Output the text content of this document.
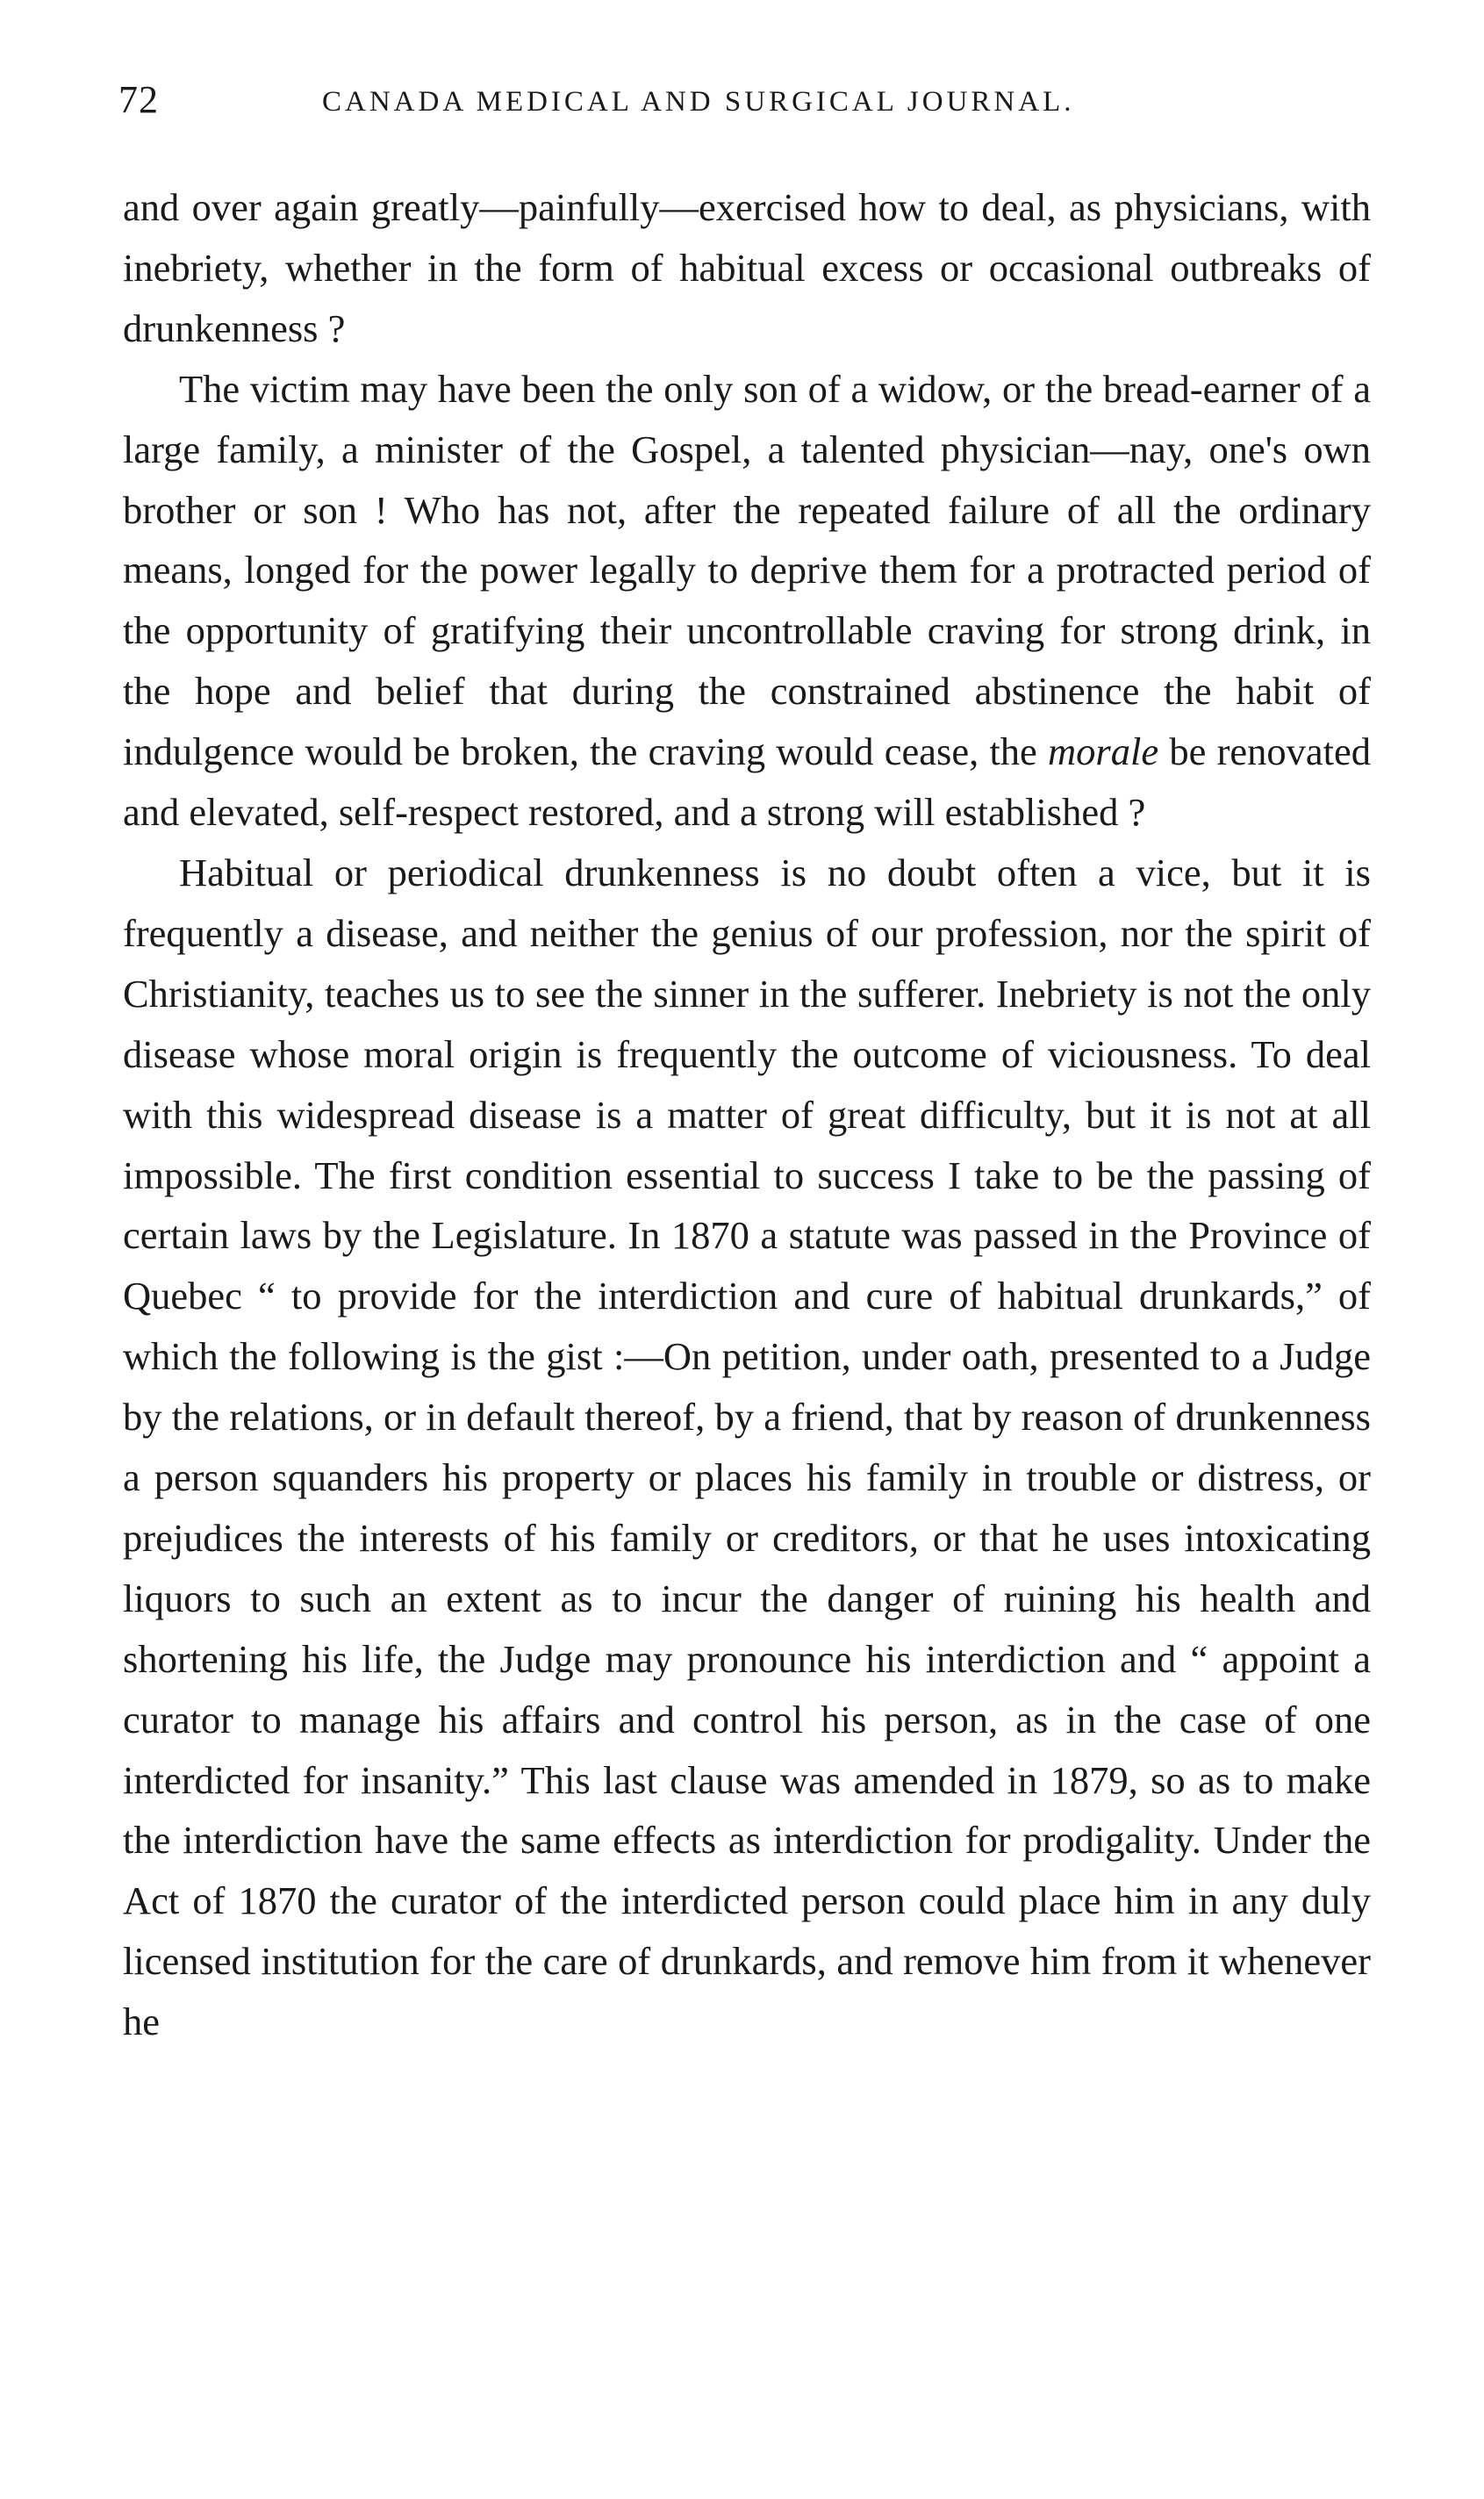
72	CANADA MEDICAL AND SURGICAL JOURNAL.

and over again greatly—painfully—exercised how to deal, as physicians, with inebriety, whether in the form of habitual excess or occasional outbreaks of drunkenness ?

The victim may have been the only son of a widow, or the bread-earner of a large family, a minister of the Gospel, a talented physician—nay, one's own brother or son ! Who has not, after the repeated failure of all the ordinary means, longed for the power legally to deprive them for a protracted period of the opportunity of gratifying their uncontrollable craving for strong drink, in the hope and belief that during the constrained abstinence the habit of indulgence would be broken, the craving would cease, the morale be renovated and elevated, self-respect restored, and a strong will established ?

Habitual or periodical drunkenness is no doubt often a vice, but it is frequently a disease, and neither the genius of our profession, nor the spirit of Christianity, teaches us to see the sinner in the sufferer. Inebriety is not the only disease whose moral origin is frequently the outcome of viciousness. To deal with this widespread disease is a matter of great difficulty, but it is not at all impossible. The first condition essential to success I take to be the passing of certain laws by the Legislature. In 1870 a statute was passed in the Province of Quebec “ to provide for the interdiction and cure of habitual drunkards,” of which the following is the gist :—On petition, under oath, presented to a Judge by the relations, or in default thereof, by a friend, that by reason of drunkenness a person squanders his property or places his family in trouble or distress, or prejudices the interests of his family or creditors, or that he uses intoxicating liquors to such an extent as to incur the danger of ruining his health and shortening his life, the Judge may pronounce his interdiction and “ appoint a curator to manage his affairs and control his person, as in the case of one interdicted for insanity.” This last clause was amended in 1879, so as to make the interdiction have the same effects as interdiction for prodigality. Under the Act of 1870 the curator of the interdicted person could place him in any duly licensed institution for the care of drunkards, and remove him from it whenever he
